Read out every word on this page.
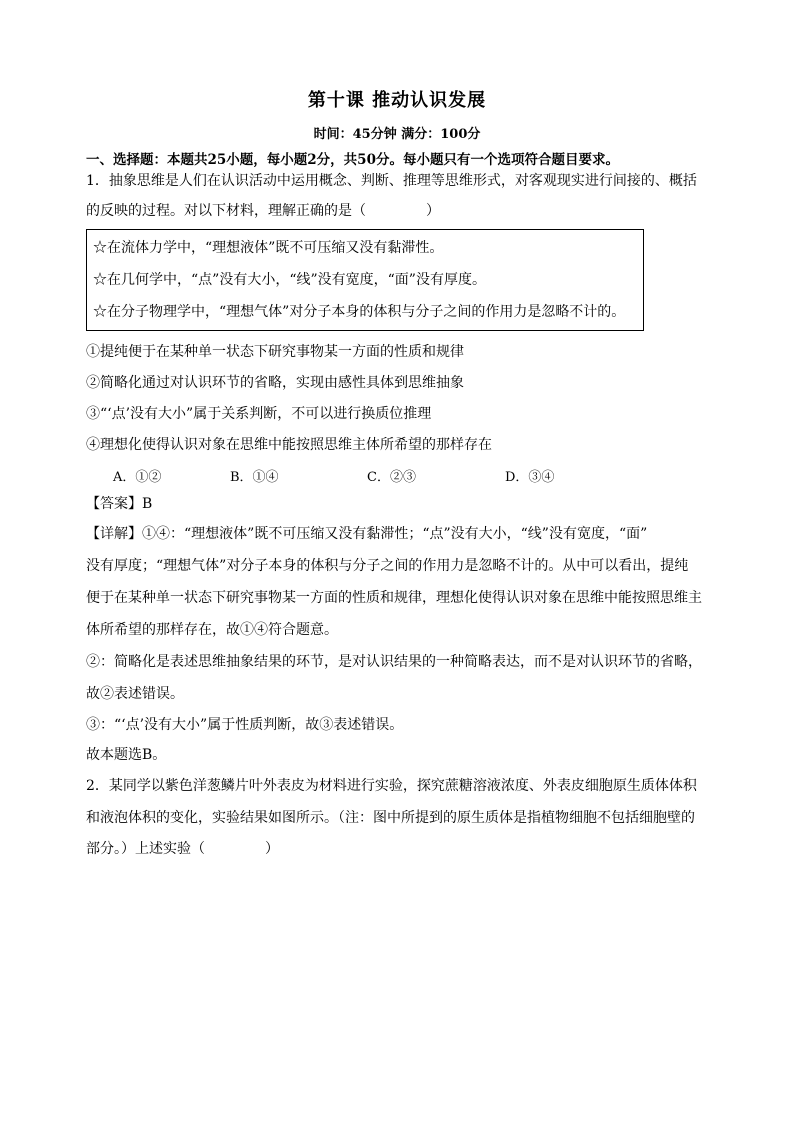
第十课 推动认识发展
时间：45分钟 满分：100分
一、选择题：本题共25小题，每小题2分，共50分。每小题只有一个选项符合题目要求。
1．抽象思维是人们在认识活动中运用概念、判断、推理等思维形式，对客观现实进行间接的、概括
的反映的过程。对以下材料，理解正确的是（	）
☆在流体力学中，“理想液体”既不可压缩又没有黏滞性。
☆在几何学中，“点”没有大小，“线”没有宽度，“面”没有厚度。
☆在分子物理学中，“理想气体”对分子本身的体积与分子之间的作用力是忽略不计的。
①提纯便于在某种单一状态下研究事物某一方面的性质和规律
②简略化通过对认识环节的省略，实现由感性具体到思维抽象
③“‘点’没有大小”属于关系判断，不可以进行换质位推理
④理想化使得认识对象在思维中能按照思维主体所希望的那样存在
A．①②	B．①④	C．②③	D．③④
【答案】B
【详解】①④：“理想液体”既不可压缩又没有黏滞性；“点”没有大小，“线”没有宽度，“面”
没有厚度；“理想气体”对分子本身的体积与分子之间的作用力是忽略不计的。从中可以看出，提纯
便于在某种单一状态下研究事物某一方面的性质和规律，理想化使得认识对象在思维中能按照思维主
体所希望的那样存在，故①④符合题意。
②：简略化是表述思维抽象结果的环节，是对认识结果的一种简略表达，而不是对认识环节的省略，
故②表述错误。
③：“‘点’没有大小”属于性质判断，故③表述错误。
故本题选B。
2．某同学以紫色洋葱鳞片叶外表皮为材料进行实验，探究蔗糖溶液浓度、外表皮细胞原生质体体积
和液泡体积的变化，实验结果如图所示。（注：图中所提到的原生质体是指植物细胞不包括细胞壁的
部分。）上述实验（	）
